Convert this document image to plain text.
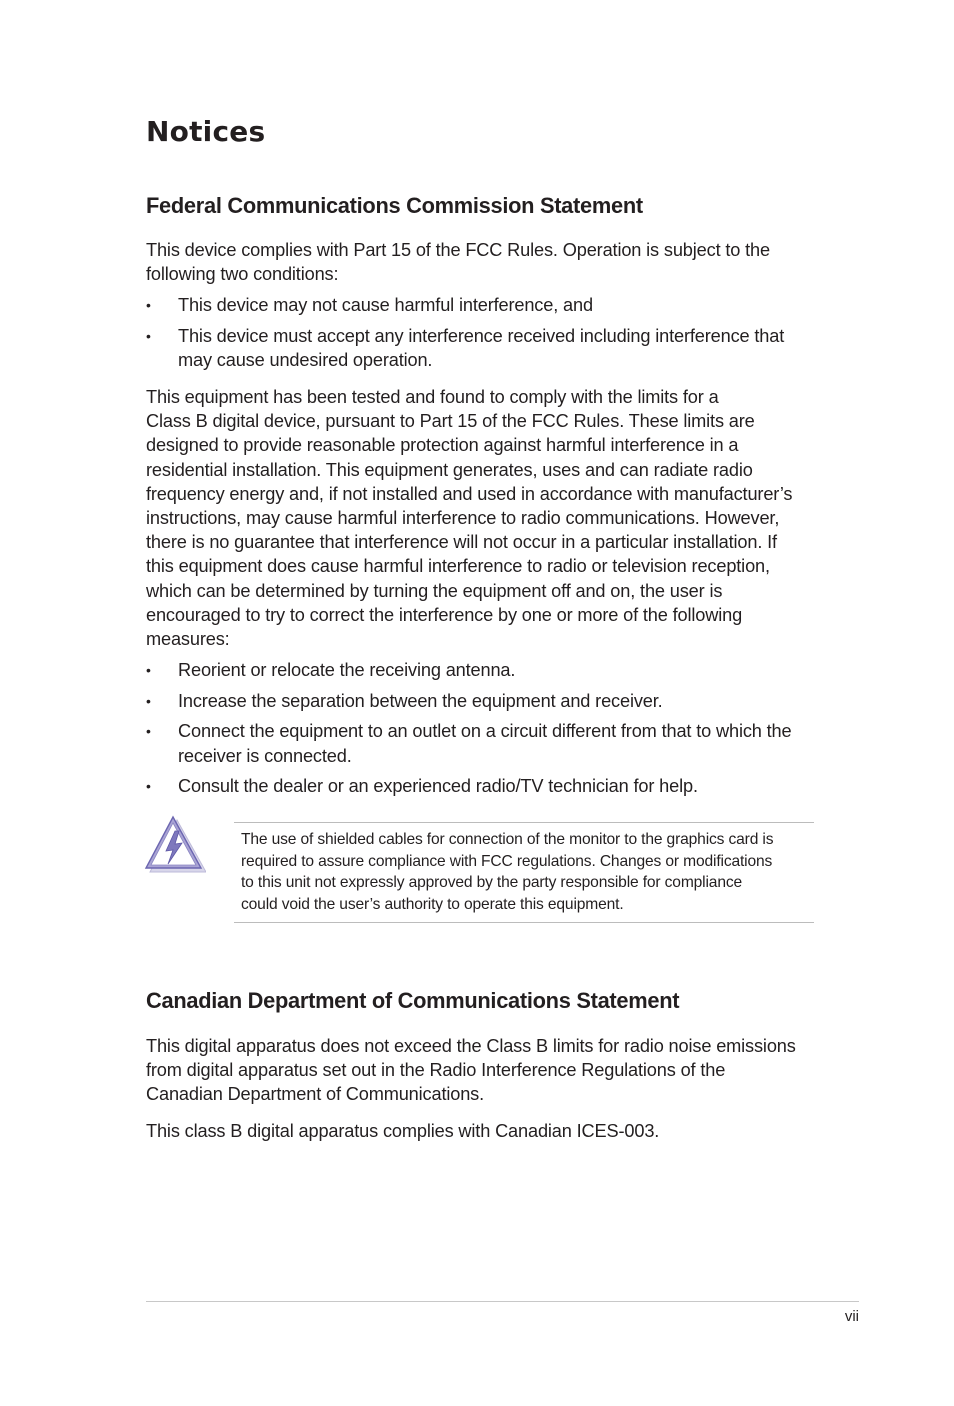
Notices
Federal Communications Commission Statement

This device complies with Part 15 of the FCC Rules. Operation is subject to the
following two conditions:

• This device may not cause harmful interference, and
• This device must accept any interference received including interference that
may cause undesired operation.

This equipment has been tested and found to comply with the limits for a
Class B digital device, pursuant to Part 15 of the FCC Rules. These limits are
designed to provide reasonable protection against harmful interference in a
residential installation. This equipment generates, uses and can radiate radio
frequency energy and, if not installed and used in accordance with manufacturer’s
instructions, may cause harmful interference to radio communications. However,
there is no guarantee that interference will not occur in a particular installation. If
this equipment does cause harmful interference to radio or television reception,
which can be determined by turning the equipment off and on, the user is
encouraged to try to correct the interference by one or more of the following
measures:

• Reorient or relocate the receiving antenna.
• Increase the separation between the equipment and receiver.
• Connect the equipment to an outlet on a circuit different from that to which the
receiver is connected.
• Consult the dealer or an experienced radio/TV technician for help.

The use of shielded cables for connection of the monitor to the graphics card is
required to assure compliance with FCC regulations. Changes or modifications
to this unit not expressly approved by the party responsible for compliance
could void the user’s authority to operate this equipment.

Canadian Department of Communications Statement

This digital apparatus does not exceed the Class B limits for radio noise emissions
from digital apparatus set out in the Radio Interference Regulations of the
Canadian Department of Communications.

This class B digital apparatus complies with Canadian ICES-003.

vii
